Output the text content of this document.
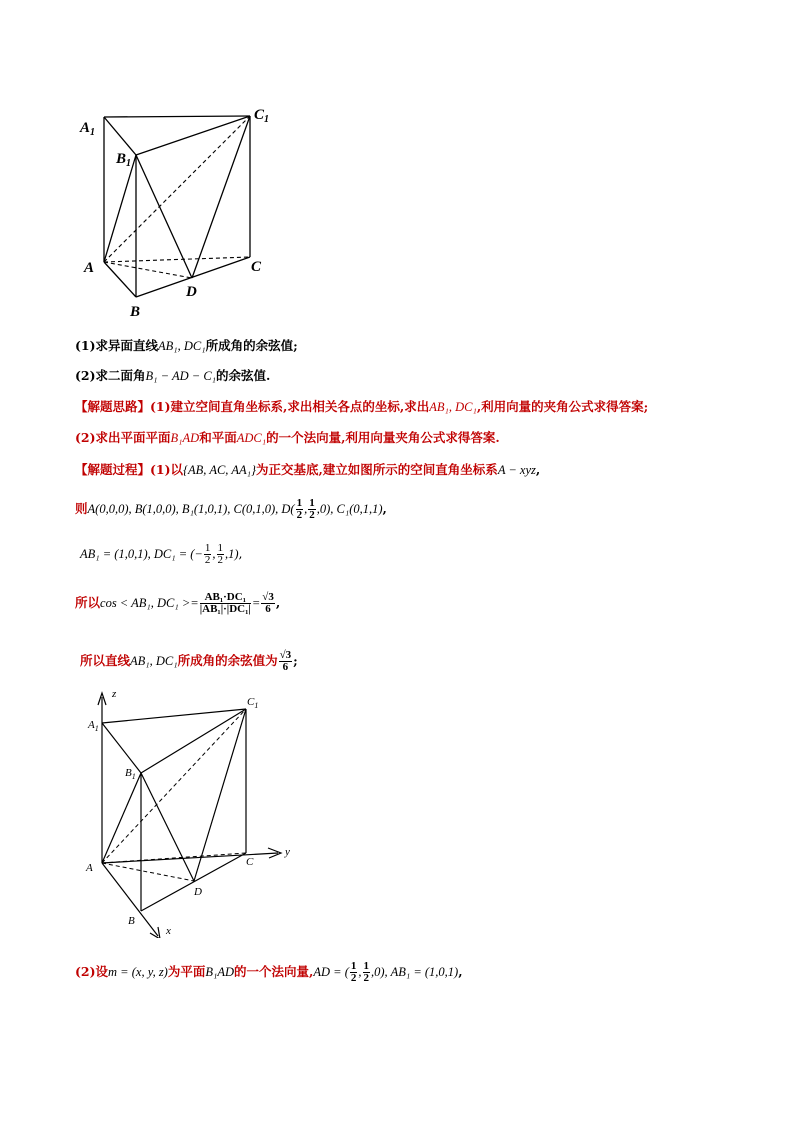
$A_1$
$B_1$
$C_1$
A
B
C
D
(1)求异面直线AB₁, DC₁所成角的余弦值;
(2)求二面角B₁ − AD − C₁的余弦值.
【解题思路】(1)建立空间直角坐标系,求出相关各点的坐标,求出AB₁, DC₁,利用向量的夹角公式求得答案;
(2)求出平面平面B₁AD和平面ADC₁的一个法向量,利用向量夹角公式求得答案.
【解题过程】(1)以{AB, AC, AA₁}为正交基底,建立如图所示的空间直角坐标系A − xyz,
则A(0,0,0), B(1,0,0), B₁(1,0,1), C(0,1,0), $D( \frac{1}{2}$ , $\frac{1}{2} ,0$), C₁(0,1,1),
AB₁ = (1,0,1), DC₁ = (− $\frac{1}{2}$ , $\frac{1}{2} ,1$),
所以cos < AB₁, $DC_1 >= \frac{\text{AB₁·DC₁}}{\text{|AB₁|·|DC₁|}} = \frac{√3}{6}$ ,
所以直线AB₁, DC₁所成角的余弦值为 $\frac{√3}{6}$ ;
z
y
x
$A_1$
$B_1$
$C_1$
A
B
C
D
(2)设m = (x, y, z)为平面B₁AD的一个法向量,AD = ( $\frac{1}{2}$ , $\frac{1}{2} ,0$), AB₁ = (1,0,1),
